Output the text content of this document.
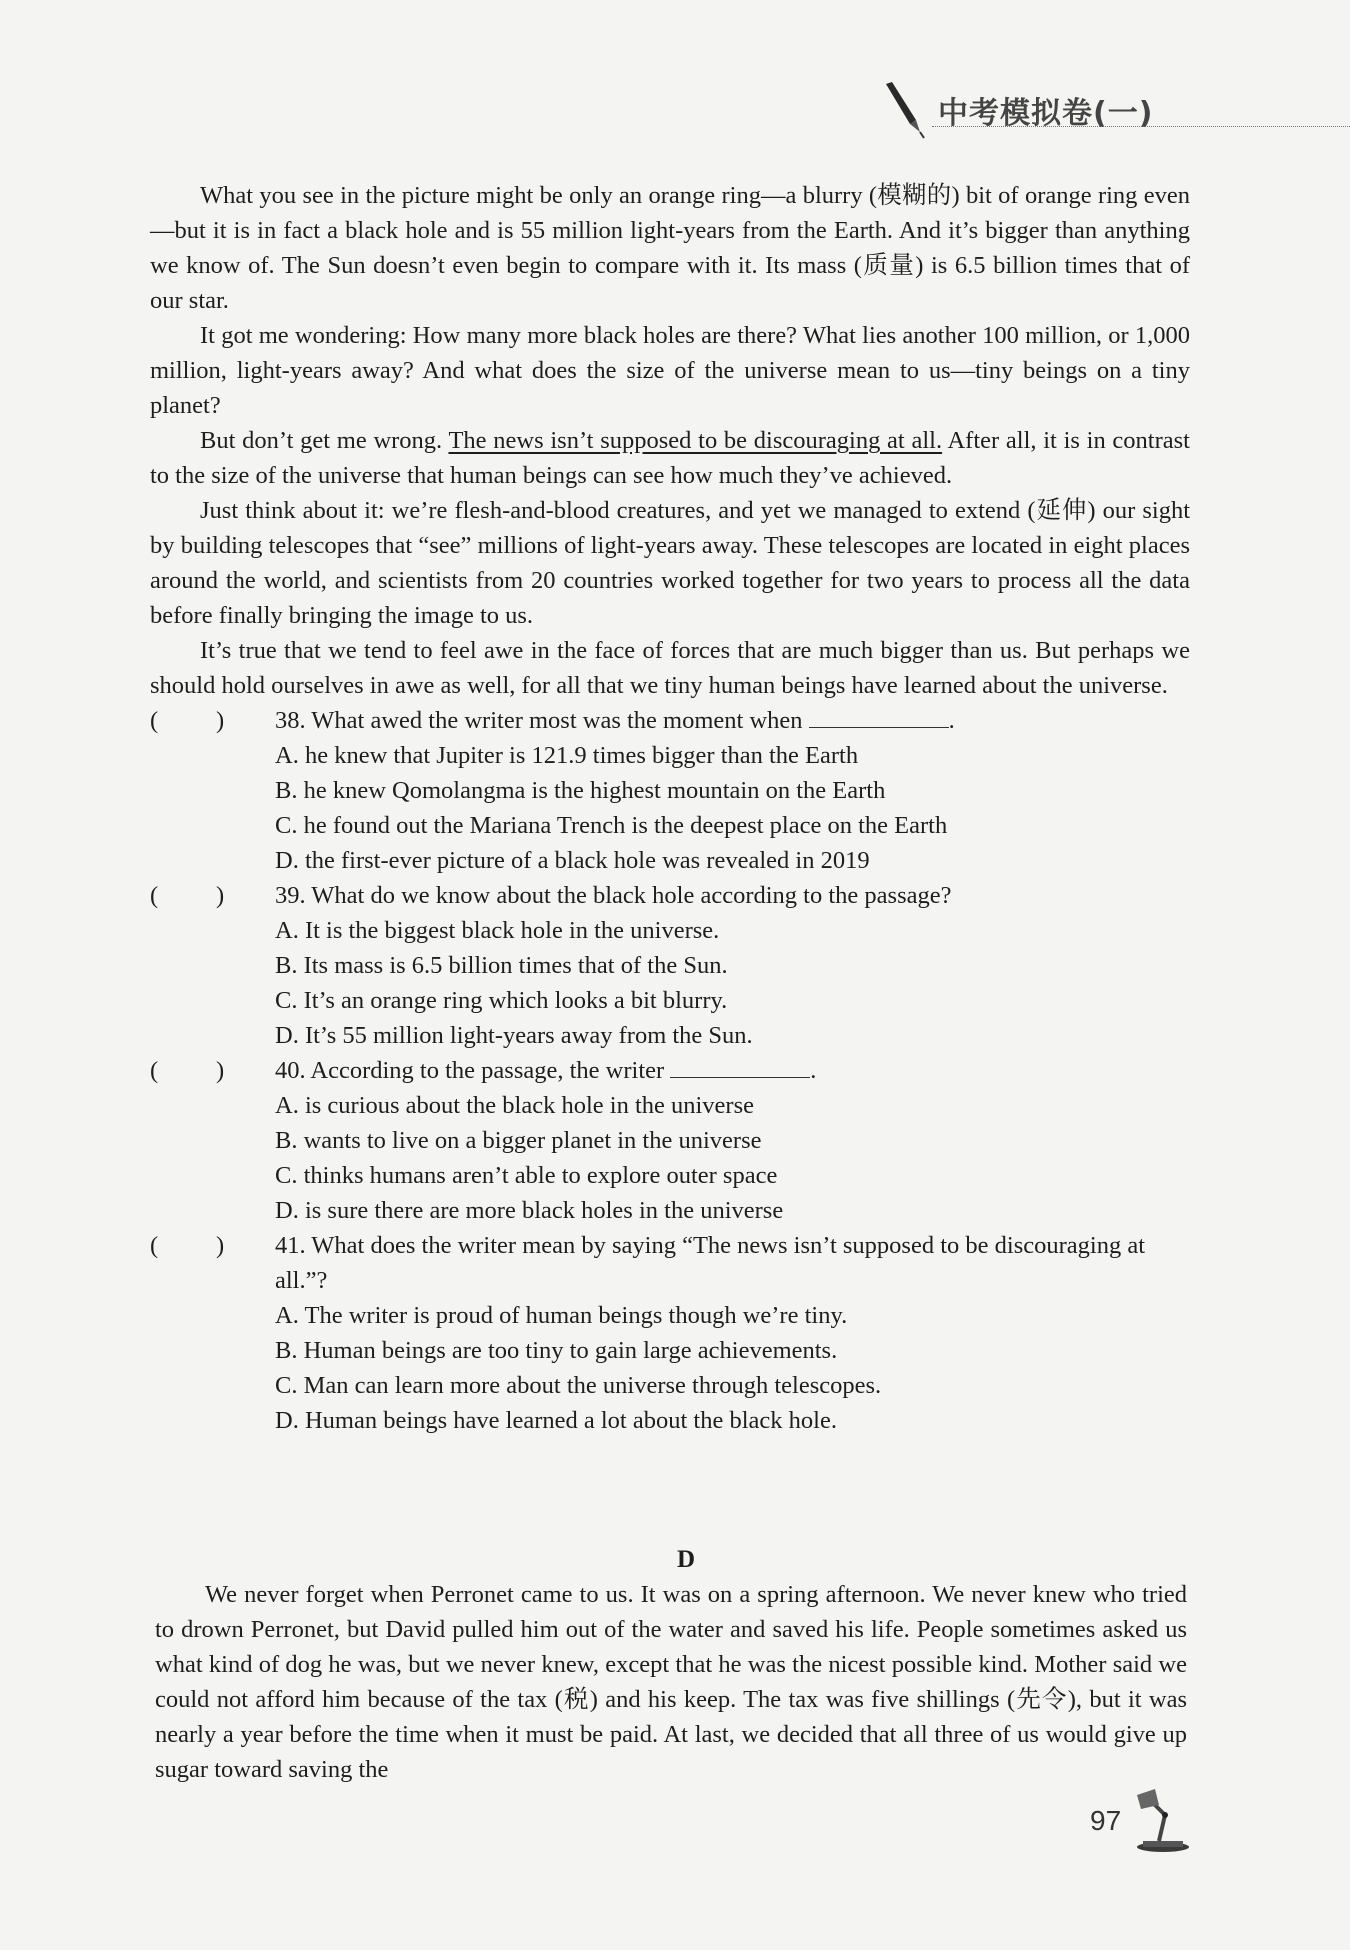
中考模拟卷(一)

What you see in the picture might be only an orange ring—a blurry (模糊的) bit of orange ring even—but it is in fact a black hole and is 55 million light-years from the Earth. And it’s bigger than anything we know of. The Sun doesn’t even begin to compare with it. Its mass (质量) is 6.5 billion times that of our star.

It got me wondering: How many more black holes are there? What lies another 100 million, or 1,000 million, light-years away? And what does the size of the universe mean to us—tiny beings on a tiny planet?

But don’t get me wrong. The news isn’t supposed to be discouraging at all. After all, it is in contrast to the size of the universe that human beings can see how much they’ve achieved.

Just think about it: we’re flesh-and-blood creatures, and yet we managed to extend (延伸) our sight by building telescopes that “see” millions of light-years away. These telescopes are located in eight places around the world, and scientists from 20 countries worked together for two years to process all the data before finally bringing the image to us.

It’s true that we tend to feel awe in the face of forces that are much bigger than us. But perhaps we should hold ourselves in awe as well, for all that we tiny human beings have learned about the universe.

( )	38. What awed the writer most was the moment when	.

A. he knew that Jupiter is 121.9 times bigger than the Earth

B. he knew Qomolangma is the highest mountain on the Earth

C. he found out the Mariana Trench is the deepest place on the Earth

D. the first-ever picture of a black hole was revealed in 2019

( )	39. What do we know about the black hole according to the passage?

A. It is the biggest black hole in the universe.

B. Its mass is 6.5 billion times that of the Sun.

C. It’s an orange ring which looks a bit blurry.

D. It’s 55 million light-years away from the Sun.

( )	40. According to the passage, the writer	.

A. is curious about the black hole in the universe

B. wants to live on a bigger planet in the universe

C. thinks humans aren’t able to explore outer space

D. is sure there are more black holes in the universe

( )	41. What does the writer mean by saying “The news isn’t supposed to be discouraging at all.”?

A. The writer is proud of human beings though we’re tiny.

B. Human beings are too tiny to gain large achievements.

C. Man can learn more about the universe through telescopes.

D. Human beings have learned a lot about the black hole.

D

We never forget when Perronet came to us. It was on a spring afternoon. We never knew who tried to drown Perronet, but David pulled him out of the water and saved his life. People sometimes asked us what kind of dog he was, but we never knew, except that he was the nicest possible kind. Mother said we could not afford him because of the tax (税) and his keep. The tax was five shillings (先令), but it was nearly a year before the time when it must be paid. At last, we decided that all three of us would give up sugar toward saving the

97
